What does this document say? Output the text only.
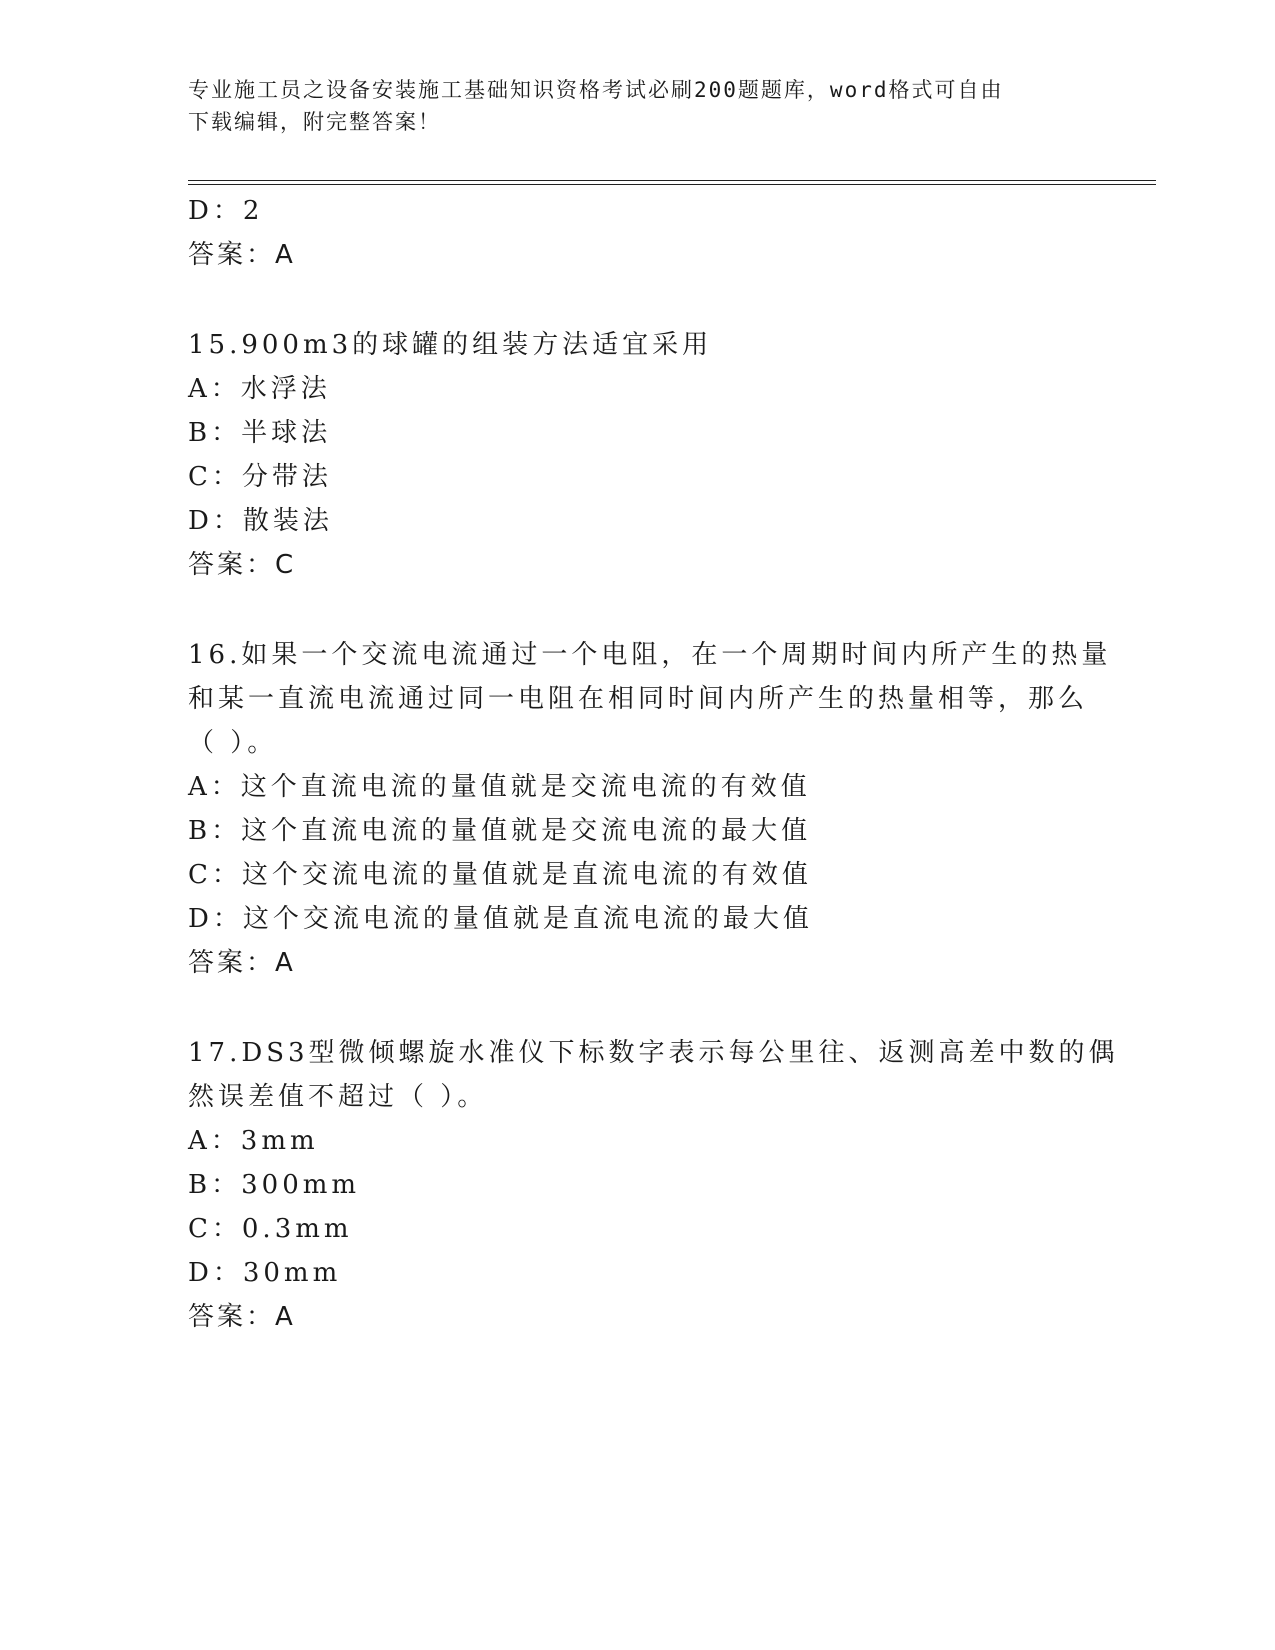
专业施工员之设备安装施工基础知识资格考试必刷200题题库，word格式可自由
下载编辑，附完整答案！
D：2
答案：A
15.900m3的球罐的组装方法适宜采用
A：水浮法
B：半球法
C：分带法
D：散装法
答案：C
16.如果一个交流电流通过一个电阻，在一个周期时间内所产生的热量
和某一直流电流通过同一电阻在相同时间内所产生的热量相等，那么
（ ）。
A：这个直流电流的量值就是交流电流的有效值
B：这个直流电流的量值就是交流电流的最大值
C：这个交流电流的量值就是直流电流的有效值
D：这个交流电流的量值就是直流电流的最大值
答案：A
17.DS3型微倾螺旋水准仪下标数字表示每公里往、返测高差中数的偶
然误差值不超过（ ）。
A：3mm
B：300mm
C：0.3mm
D：30mm
答案：A
